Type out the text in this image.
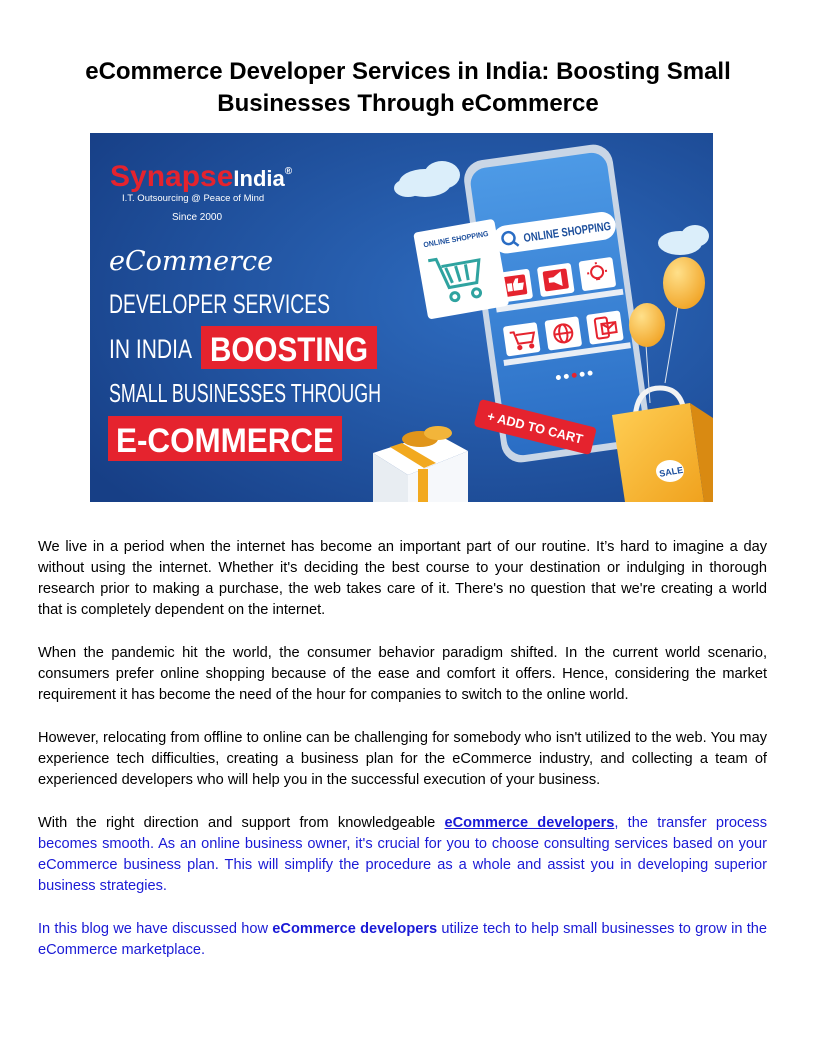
eCommerce Developer Services in India: Boosting Small
Businesses Through eCommerce
SynapseIndia®
I.T. Outsourcing @ Peace of Mind
Since 2000
eCommerce
DEVELOPER SERVICES
IN INDIA BOOSTING
SMALL BUSINESSES THROUGH
E-COMMERCE
ONLINE SHOPPING
+ ADD TO CART
ONLINE SHOPPING
SALE

We live in a period when the internet has become an important part of our routine. It’s hard to imagine a day without using the internet. Whether it's deciding the best course to your destination or indulging in thorough research prior to making a purchase, the web takes care of it. There's no question that we're creating a world that is completely dependent on the internet.

When the pandemic hit the world, the consumer behavior paradigm shifted. In the current world scenario, consumers prefer online shopping because of the ease and comfort it offers. Hence, considering the market requirement it has become the need of the hour for companies to switch to the online world.

However, relocating from offline to online can be challenging for somebody who isn't utilized to the web. You may experience tech difficulties, creating a business plan for the eCommerce industry, and collecting a team of experienced developers who will help you in the successful execution of your business.

With the right direction and support from knowledgeable eCommerce developers, the transfer process becomes smooth. As an online business owner, it's crucial for you to choose consulting services based on your eCommerce business plan. This will simplify the procedure as a whole and assist you in developing superior business strategies.

In this blog we have discussed how eCommerce developers utilize tech to help small businesses to grow in the eCommerce marketplace.
